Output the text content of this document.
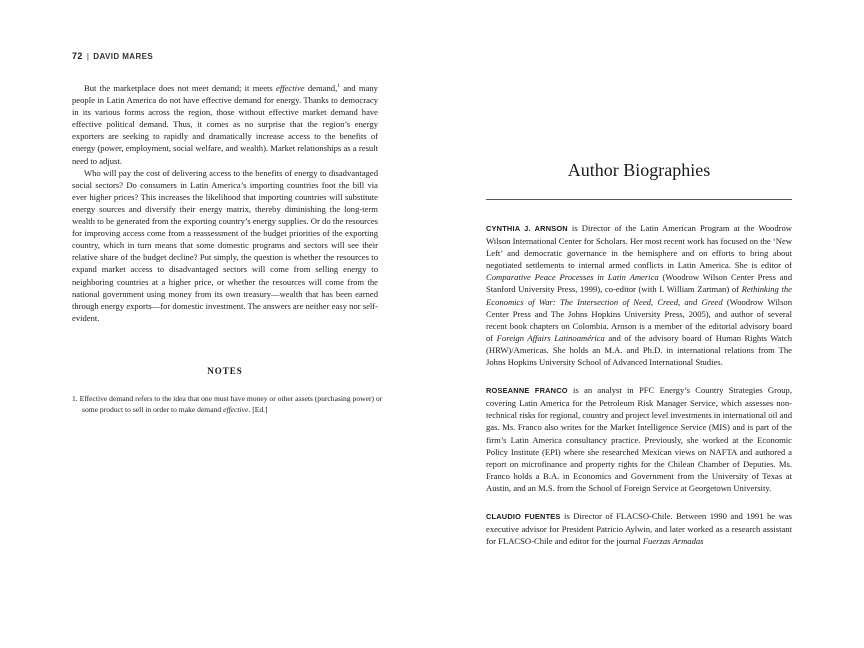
72 | DAVID MARES

But the marketplace does not meet demand; it meets effective demand,$^1$ and many people in Latin America do not have effective demand for energy. Thanks to democracy in its various forms across the region, those without effective market demand have effective political demand. Thus, it comes as no surprise that the region’s energy exporters are seeking to rapidly and dramatically increase access to the benefits of energy (power, employment, social welfare, and wealth). Market relationships as a result need to adjust.

Who will pay the cost of delivering access to the benefits of energy to disadvantaged social sectors? Do consumers in Latin America’s importing countries foot the bill via ever higher prices? This increases the likelihood that importing countries will substitute energy sources and diversify their energy matrix, thereby diminishing the long-term wealth to be generated from the exporting country’s energy supplies. Or do the resources for improving access come from a reassessment of the budget priorities of the exporting country, which in turn means that some domestic programs and sectors will see their relative share of the budget decline? Put simply, the question is whether the resources to expand market access to disadvantaged sectors will come from selling energy to neighboring countries at a higher price, or whether the resources will come from the national government using money from its own treasury—wealth that has been earned through energy exports—for domestic investment. The answers are neither easy nor self-evident.

NOTES
1. Effective demand refers to the idea that one must have money or other assets (purchasing power) or some product to sell in order to make demand effective. [Ed.]
Author Biographies

CYNTHIA J. ARNSON is Director of the Latin American Program at the Woodrow Wilson International Center for Scholars. Her most recent work has focused on the ‘New Left’ and democratic governance in the hemisphere and on efforts to bring about negotiated settlements to internal armed conflicts in Latin America. She is editor of Comparative Peace Processes in Latin America (Woodrow Wilson Center Press and Stanford University Press, 1999), co-editor (with I. William Zartman) of Rethinking the Economics of War: The Intersection of Need, Creed, and Greed (Woodrow Wilson Center Press and The Johns Hopkins University Press, 2005), and author of several recent book chapters on Colombia. Arnson is a member of the editorial advisory board of Foreign Affairs Latinoamérica and of the advisory board of Human Rights Watch (HRW)/Americas. She holds an M.A. and Ph.D. in international relations from The Johns Hopkins University School of Advanced International Studies.

ROSEANNE FRANCO is an analyst in PFC Energy’s Country Strategies Group, covering Latin America for the Petroleum Risk Manager Service, which assesses non-technical risks for regional, country and project level investments in international oil and gas. Ms. Franco also writes for the Market Intelligence Service (MIS) and is part of the firm’s Latin America consultancy practice. Previously, she worked at the Economic Policy Institute (EPI) where she researched Mexican views on NAFTA and authored a report on microfinance and property rights for the Chilean Chamber of Deputies. Ms. Franco holds a B.A. in Economics and Government from the University of Texas at Austin, and an M.S. from the School of Foreign Service at Georgetown University.

CLAUDIO FUENTES is Director of FLACSO-Chile. Between 1990 and 1991 he was executive advisor for President Patricio Aylwin, and later worked as a research assistant for FLACSO-Chile and editor for the journal Fuerzas Armadas
